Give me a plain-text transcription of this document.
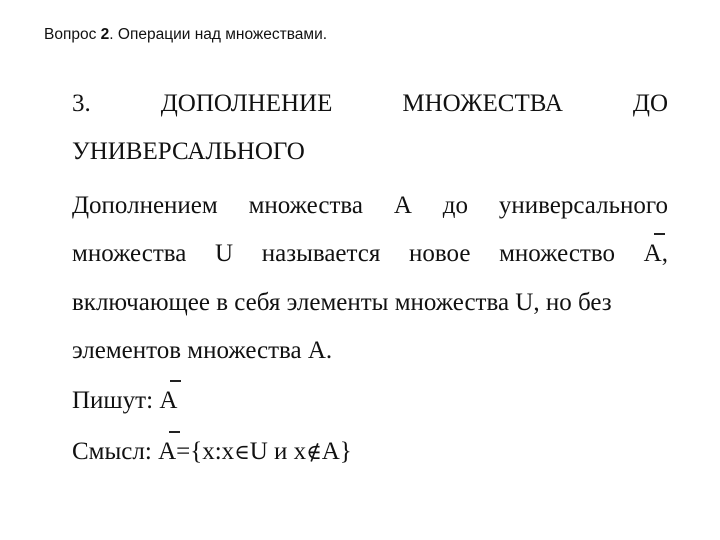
Вопрос 2. Операции над множествами.
3.	ДОПОЛНЕНИЕ	МНОЖЕСТВА	ДО
УНИВЕРСАЛЬНОГО
Дополнением множества А до универсального
множества U называется новое множество А,
включающее в себя элементы множества U, но без
элементов множества А.
Пишут: А
Смысл: А={x:x∈U и x∉A}
